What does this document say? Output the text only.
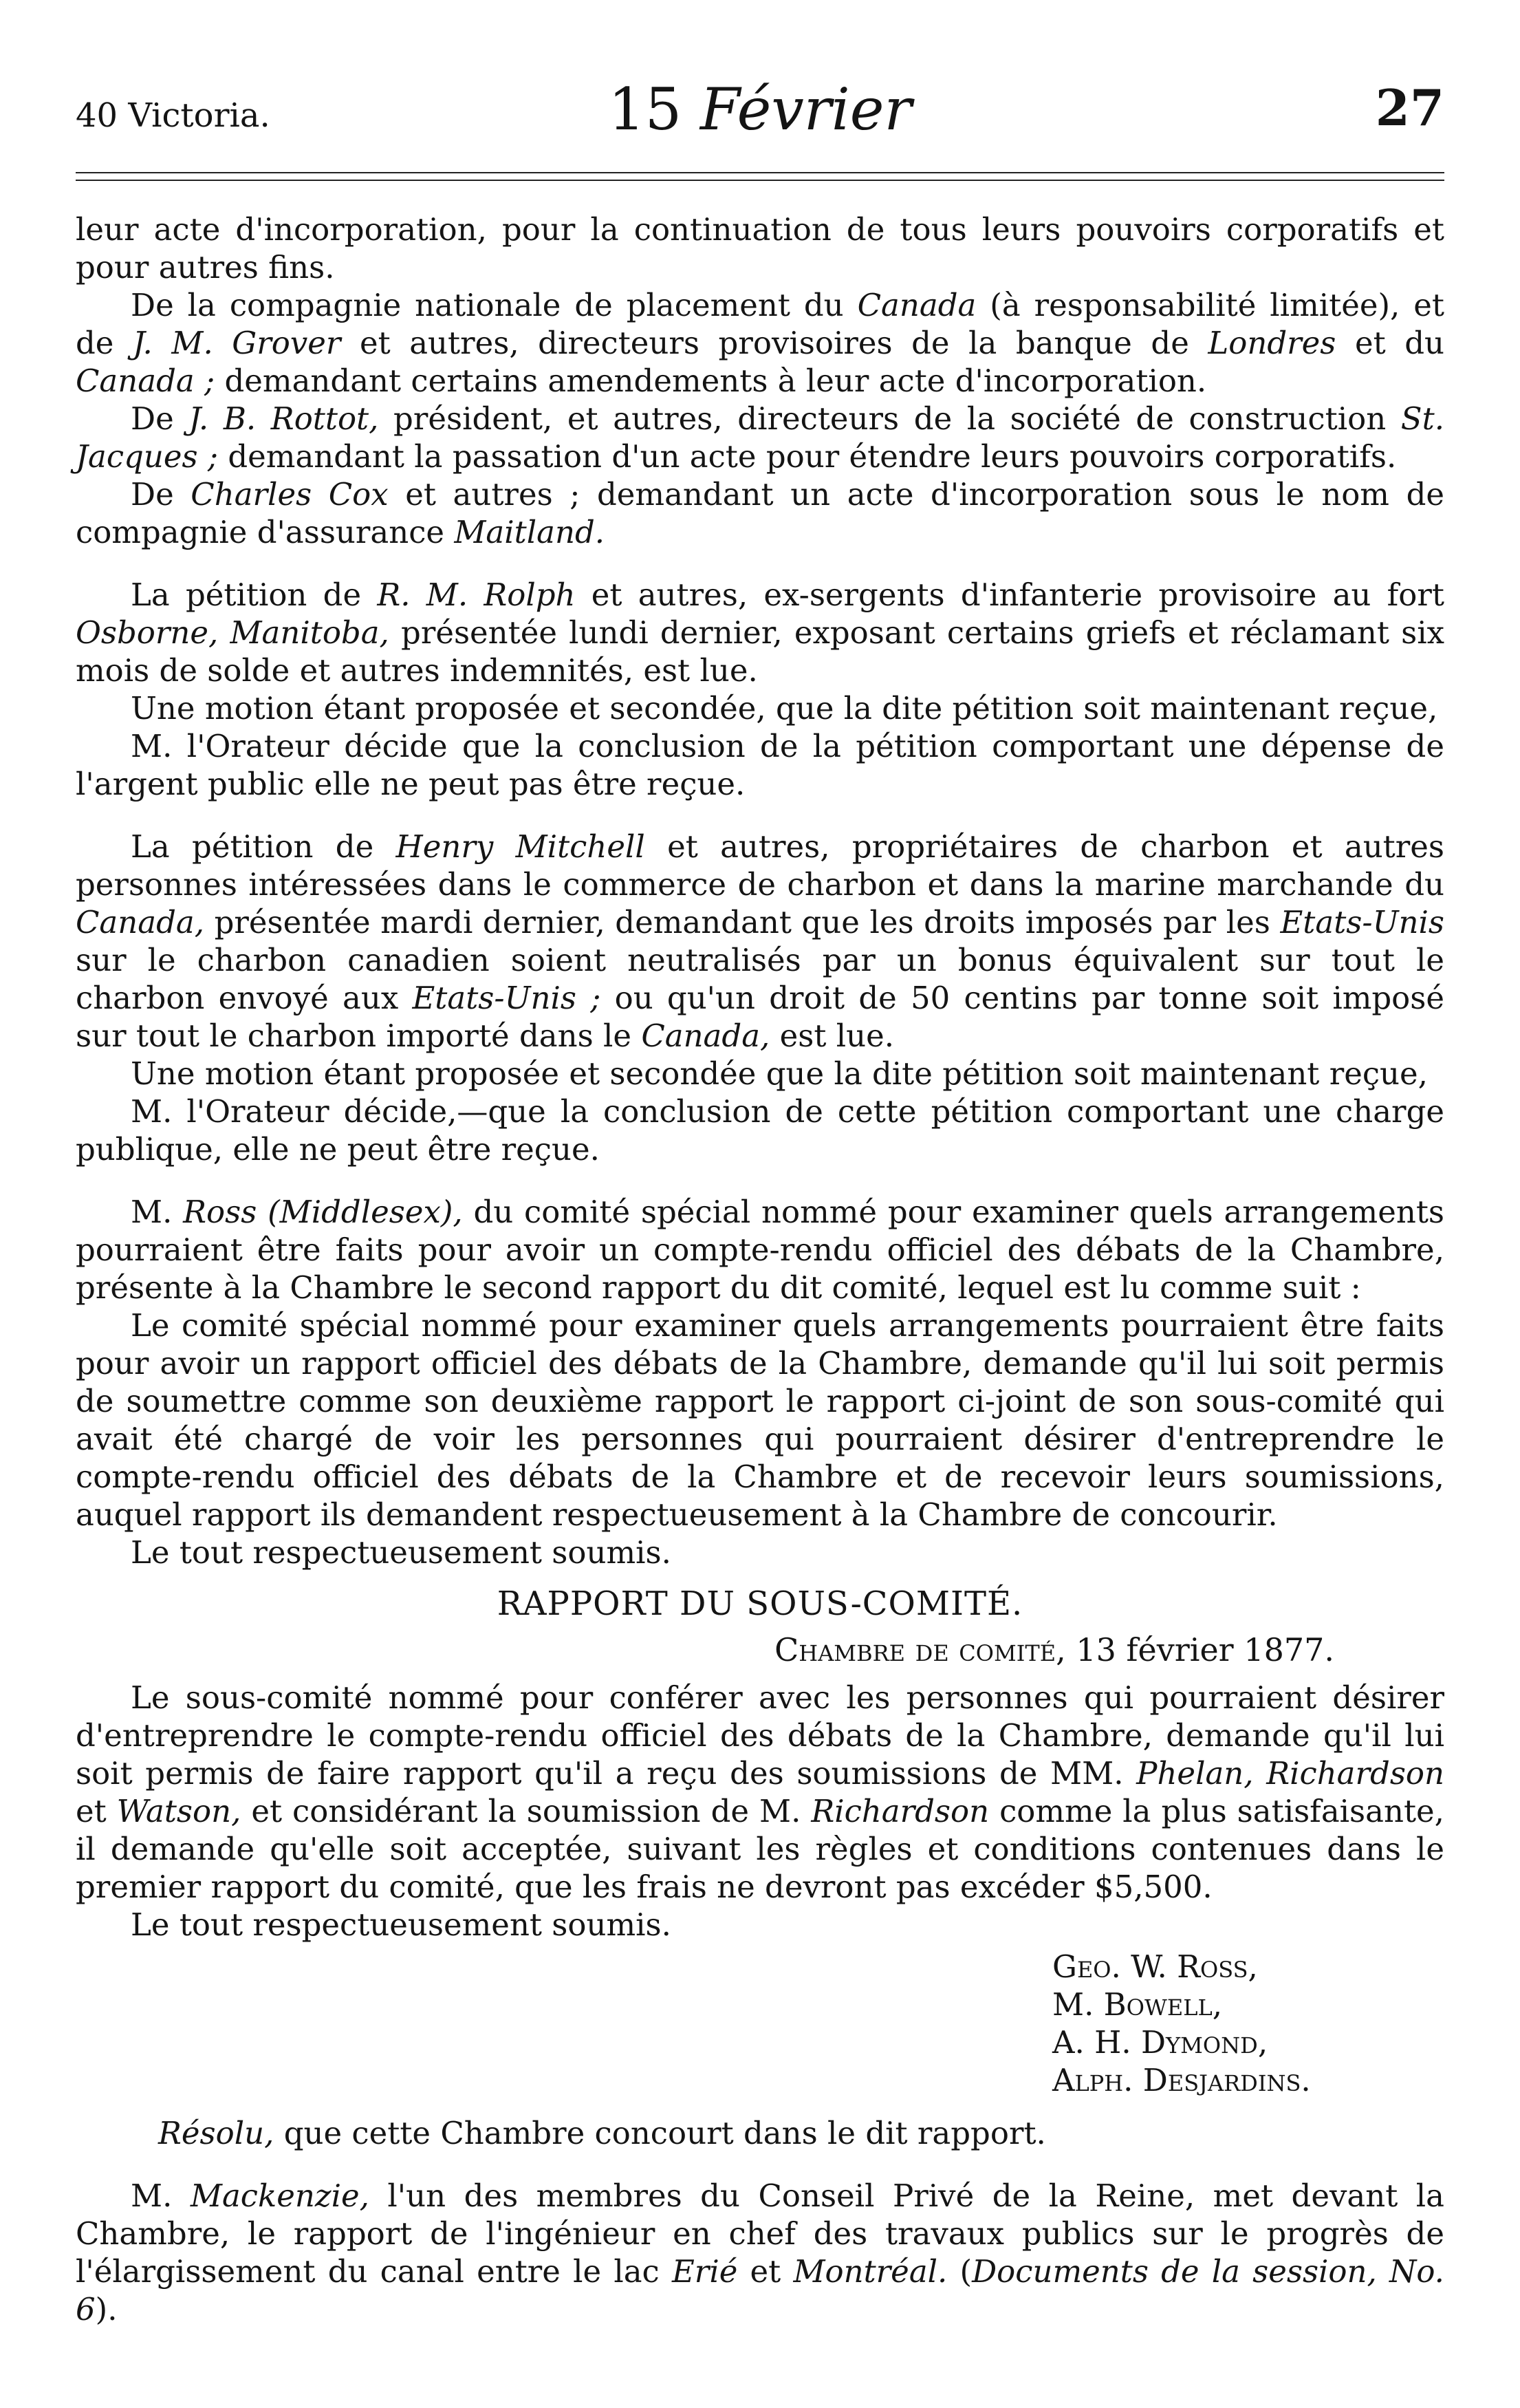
40 Victoria.	15 Février	27

leur acte d'incorporation, pour la continuation de tous leurs pouvoirs corporatifs et pour autres fins.

De la compagnie nationale de placement du Canada (à responsabilité limitée), et de J. M. Grover et autres, directeurs provisoires de la banque de Londres et du Canada ; demandant certains amendements à leur acte d'incorporation.

De J. B. Rottot, président, et autres, directeurs de la société de construction St. Jacques ; demandant la passation d'un acte pour étendre leurs pouvoirs corporatifs.

De Charles Cox et autres ; demandant un acte d'incorporation sous le nom de compagnie d'assurance Maitland.

La pétition de R. M. Rolph et autres, ex-sergents d'infanterie provisoire au fort Osborne, Manitoba, présentée lundi dernier, exposant certains griefs et réclamant six mois de solde et autres indemnités, est lue.

Une motion étant proposée et secondée, que la dite pétition soit maintenant reçue,

M. l'Orateur décide que la conclusion de la pétition comportant une dépense de l'argent public elle ne peut pas être reçue.

La pétition de Henry Mitchell et autres, propriétaires de charbon et autres personnes intéressées dans le commerce de charbon et dans la marine marchande du Canada, présentée mardi dernier, demandant que les droits imposés par les Etats-Unis sur le charbon canadien soient neutralisés par un bonus équivalent sur tout le charbon envoyé aux Etats-Unis ; ou qu'un droit de 50 centins par tonne soit imposé sur tout le charbon importé dans le Canada, est lue.

Une motion étant proposée et secondée que la dite pétition soit maintenant reçue,

M. l'Orateur décide,—que la conclusion de cette pétition comportant une charge publique, elle ne peut être reçue.

M. Ross (Middlesex), du comité spécial nommé pour examiner quels arrangements pourraient être faits pour avoir un compte-rendu officiel des débats de la Chambre, présente à la Chambre le second rapport du dit comité, lequel est lu comme suit :

Le comité spécial nommé pour examiner quels arrangements pourraient être faits pour avoir un rapport officiel des débats de la Chambre, demande qu'il lui soit permis de soumettre comme son deuxième rapport le rapport ci-joint de son sous-comité qui avait été chargé de voir les personnes qui pourraient désirer d'entreprendre le compte-rendu officiel des débats de la Chambre et de recevoir leurs soumissions, auquel rapport ils demandent respectueusement à la Chambre de concourir.

Le tout respectueusement soumis.

RAPPORT DU SOUS-COMITÉ.

Chambre de comité, 13 février 1877.

Le sous-comité nommé pour conférer avec les personnes qui pourraient désirer d'entreprendre le compte-rendu officiel des débats de la Chambre, demande qu'il lui soit permis de faire rapport qu'il a reçu des soumissions de MM. Phelan, Richardson et Watson, et considérant la soumission de M. Richardson comme la plus satisfaisante, il demande qu'elle soit acceptée, suivant les règles et conditions contenues dans le premier rapport du comité, que les frais ne devront pas excéder $5,500.

Le tout respectueusement soumis.

Geo. W. Ross,
M. Bowell,
A. H. Dymond,
Alph. Desjardins.

Résolu, que cette Chambre concourt dans le dit rapport.

M. Mackenzie, l'un des membres du Conseil Privé de la Reine, met devant la Chambre, le rapport de l'ingénieur en chef des travaux publics sur le progrès de l'élargissement du canal entre le lac Erié et Montréal. (Documents de la session, No. 6).
